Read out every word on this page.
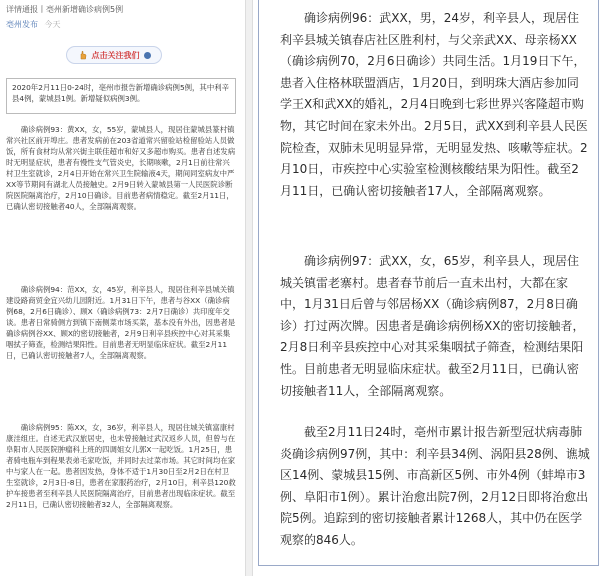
详情通报丨亳州新增确诊病例5例
亳州发布 今天
点击关注我们
2020年2月11日0-24时，亳州市报告新增确诊病例5例，其中利辛县4例，蒙城县1例。新增疑似病例3例。

确诊病例93：黄XX，女，55岁，蒙城县人，现居住蒙城县篆村镇常兴社区前开埠庄。患者发病前在203省道常兴留验站检留验站人员做饭，所有食材均从常兴街主联佳超市和好又多超市购买。患者自述发病时无明显症状，患者有慢性支气管炎史，长期咳嗽，2月1日前往常兴村卫生室就诊，2月4日开始在常兴卫生院输液4天，期间同室病友中严XX等节期间有湖北人员接触史。2月9日转入蒙城县第一人民医院诊断院医院隔离治疗，2月10日确诊。目前患者病情稳定。截至2月11日，已确认密切接触者40人，全部隔离观察。

确诊病例94：范XX，女，45岁，利辛县人，现居住利辛县城关镇建设路商贸金宜兴幼儿园附近。1月31日下午，患者与谷XX（确诊病例68，2月6日确诊）、顾X（确诊病例73：2月7日确诊）共印度年交谈。患者日常骑侧方到镇下南侧菜市场买菜，基本没有外出，因患者是确诊病例谷XX、顾X的密切接触者，2月9日利辛县疾控中心对其采集咽拭子筛查，检测结果阳性。目前患者无明显临床症状。截至2月11日，已确认密切接触者7人，全部隔离观察。

确诊病例95：陈XX，女，36岁，利辛县人，现居住城关镇富康村康洼组庄。自述无武汉旅居史，也未曾接触过武汉返乡人员，但曾与在阜阳市人民医院肿瘤科上班的四调姐女儿郭X一起吃饭。1月25日，患者骑电瓶车到程果表弟毛家吃饭，并同时去过菜市场。其它时间均在家中与家人在一起。患者因发热，身体不适于1月30日至2月2日在村卫生室就诊，2月3日-8日，患者在家服药治疗，2月10日，利辛县120救护车接患者至利辛县人民医院隔离治疗，目前患者出现临床症状。截至2月11日，已确认密切接触者32人，全部隔离观察。

确诊病例96：武XX，男，24岁，利辛县人，现居住利辛县城关镇春店社区胜利村，与父亲武XX、母亲杨XX（确诊病例70，2月6日确诊）共同生活。1月19日下午，患者入住格林联盟酒店，1月20日，到明珠大酒店参加同学王X和武XX的婚礼，2月4日晚到七彩世界兴客隆超市购物，其它时间在家未外出。2月5日，武XX到利辛县人民医院检查，双肺未见明显异常，无明显发热、咳嗽等症状。2月10日，市疾控中心实验室检测核酸结果为阳性。截至2月11日，已确认密切接触者17人，全部隔离观察。

确诊病例97：武XX，女，65岁，利辛县人，现居住城关镇雷老寨村。患者春节前后一直未出村，大都在家中，1月31日后曾与邻居杨XX（确诊病例87，2月8日确诊）打过两次牌。因患者是确诊病例杨XX的密切接触者，2月8日利辛县疾控中心对其采集咽拭子筛查，检测结果阳性。目前患者无明显临床症状。截至2月11日，已确认密切接触者11人，全部隔离观察。

截至2月11日24时，亳州市累计报告新型冠状病毒肺炎确诊病例97例，其中：利辛县34例、涡阳县28例、谯城区14例、蒙城县15例、市高新区5例、市外4例（蚌埠市3例、阜阳市1例）。累计治愈出院7例，2月12日即将治愈出院5例。追踪到的密切接触者累计1268人，其中仍在医学观察的846人。
